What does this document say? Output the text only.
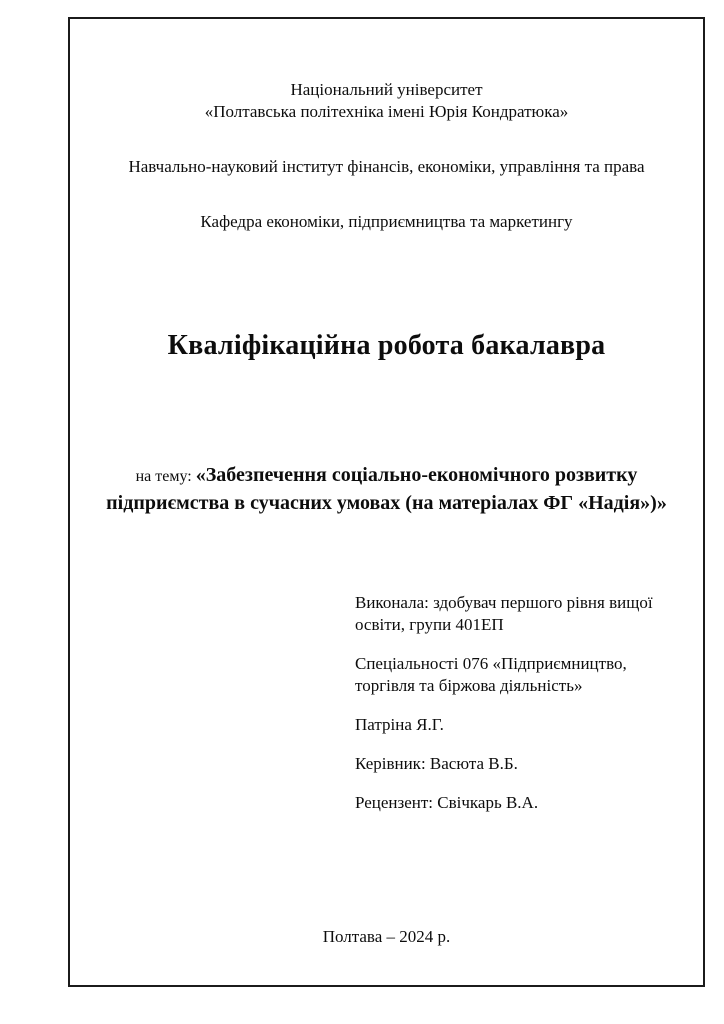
Національний університет

«Полтавська політехніка імені Юрія Кондратюка»

Навчально-науковий інститут фінансів, економіки, управління та права

Кафедра економіки, підприємництва та маркетингу

Кваліфікаційна робота бакалавра

на тему: «Забезпечення соціально-економічного розвитку підприємства в сучасних умовах (на матеріалах ФГ «Надія»)»

Виконала: здобувач першого рівня вищої освіти, групи 401ЕП

Спеціальності 076 «Підприємництво, торгівля та біржова діяльність»

Патріна Я.Г.

Керівник: Васюта В.Б.

Рецензент: Свічкарь В.А.

Полтава – 2024 р.
